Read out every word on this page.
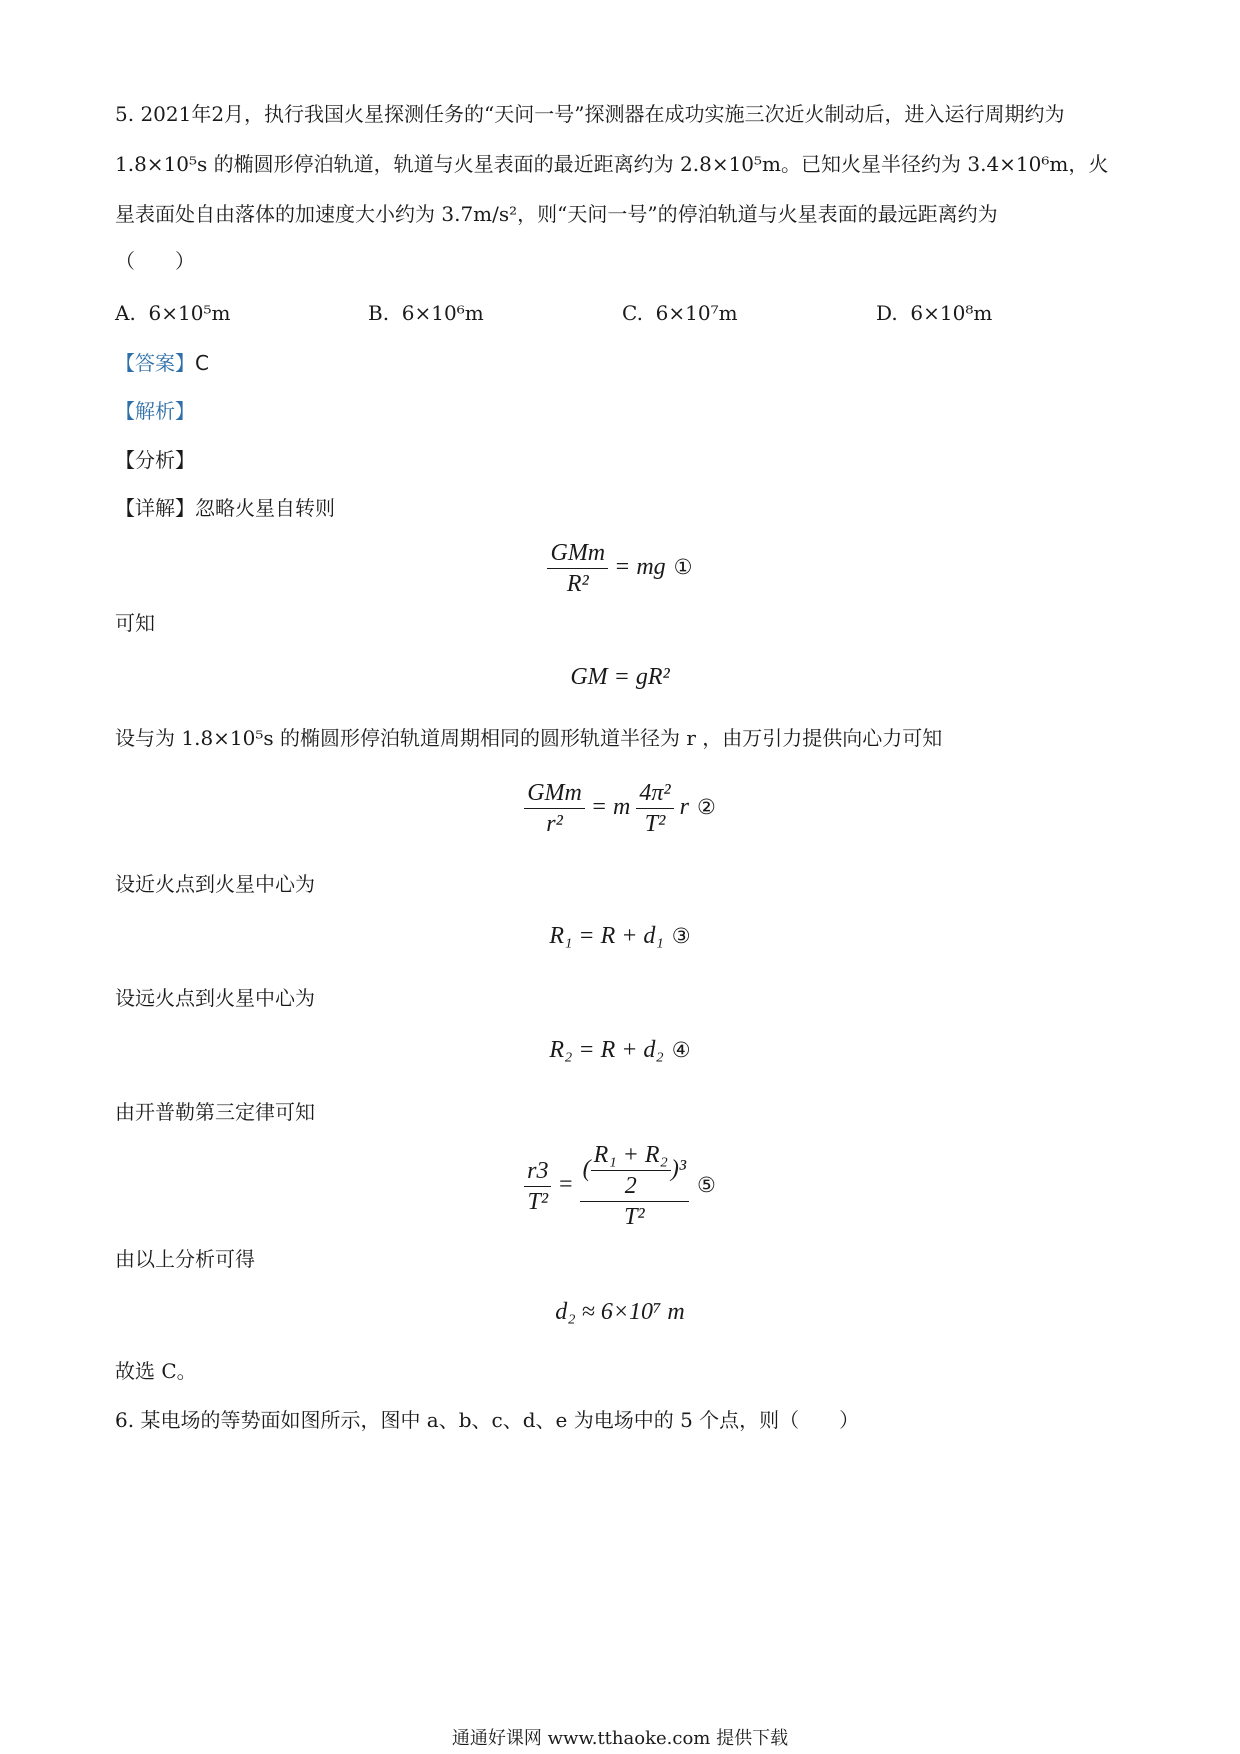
5. 2021年2月，执行我国火星探测任务的“天问一号”探测器在成功实施三次近火制动后，进入运行周期约为 1.8×10⁵s 的椭圆形停泊轨道，轨道与火星表面的最近距离约为 2.8×10⁵m。已知火星半径约为 3.4×10⁶m，火星表面处自由落体的加速度大小约为 3.7m/s²，则“天问一号”的停泊轨道与火星表面的最远距离约为
（　　）
A. 6×10⁵m	B. 6×10⁶m	C. 6×10⁷m	D. 6×10⁸m
【答案】C
【解析】
【分析】
【详解】忽略火星自转则
$\frac{\text{GMm}}{\text{R²}}$ = mg ①
可知
GM = gR²
设与为 1.8×10⁵s 的椭圆形停泊轨道周期相同的圆形轨道半径为 r ，由万引力提供向心力可知
$\frac{\text{GMm}}{\text{r²}} = m \frac{\text{4π²}}{\text{T²}}$ r ②
设近火点到火星中心为
R₁ = R + d₁ ③
设远火点到火星中心为
R₂ = R + d₂ ④
由开普勒第三定律可知
$\frac{r3}{\text{T²}} = \frac{( \frac{\text{R₁ + R₂}}{2} )^3}{\text{T²}}$ ⑤
由以上分析可得
d₂ ≈ 6×10⁷ m
故选 C。
6. 某电场的等势面如图所示，图中 a、b、c、d、e 为电场中的 5 个点，则（　　）
通通好课网 www.tthaoke.com 提供下载
